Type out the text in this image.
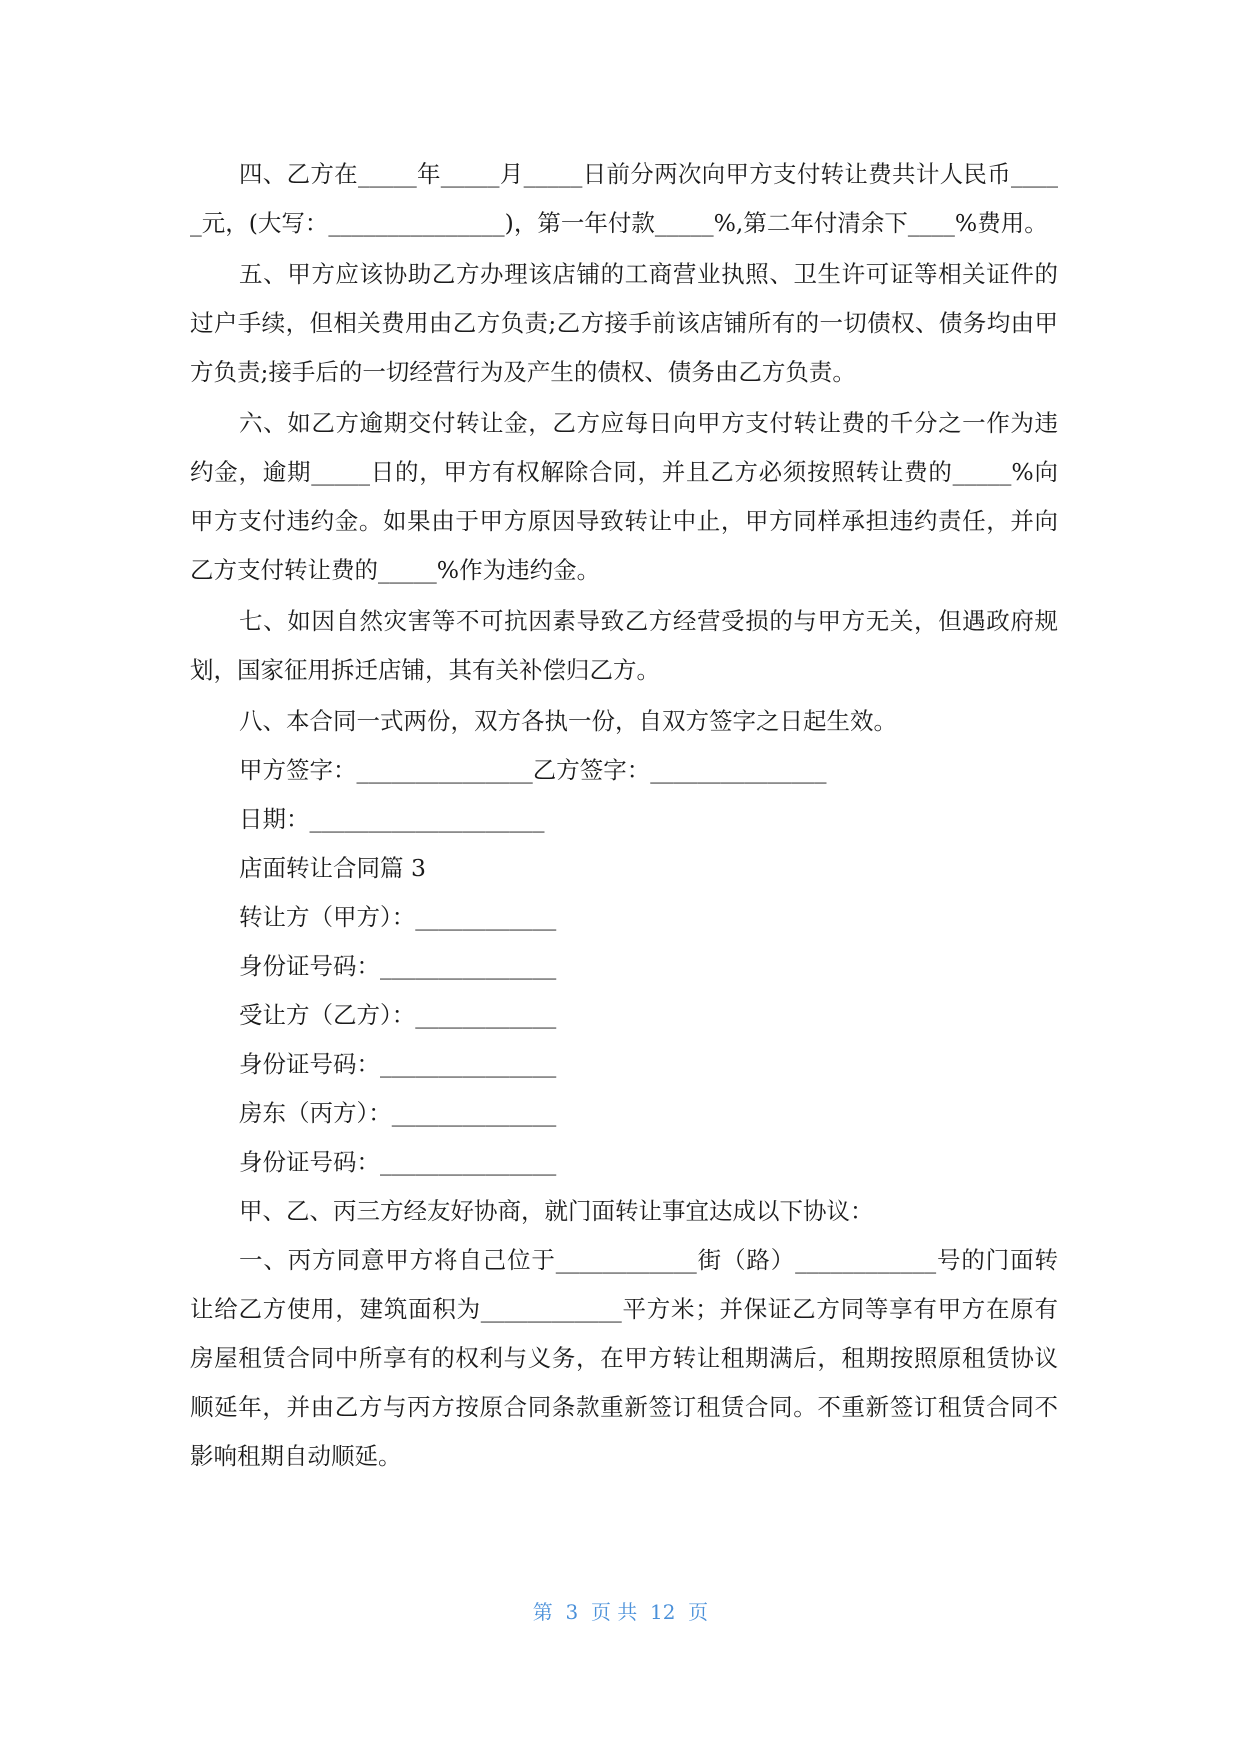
四、乙方在_____年_____月_____日前分两次向甲方支付转让费共计人民币_____元，(大写：_______________)，第一年付款_____%,第二年付清余下____%费用。

五、甲方应该协助乙方办理该店铺的工商营业执照、卫生许可证等相关证件的过户手续，但相关费用由乙方负责;乙方接手前该店铺所有的一切债权、债务均由甲方负责;接手后的一切经营行为及产生的债权、债务由乙方负责。

六、如乙方逾期交付转让金，乙方应每日向甲方支付转让费的千分之一作为违约金，逾期_____日的，甲方有权解除合同，并且乙方必须按照转让费的_____%向甲方支付违约金。如果由于甲方原因导致转让中止，甲方同样承担违约责任，并向乙方支付转让费的_____%作为违约金。

七、如因自然灾害等不可抗因素导致乙方经营受损的与甲方无关，但遇政府规划，国家征用拆迁店铺，其有关补偿归乙方。

八、本合同一式两份，双方各执一份，自双方签字之日起生效。

甲方签字：_______________乙方签字：_______________

日期：____________________

店面转让合同篇 3

转让方（甲方）：____________

身份证号码：_______________

受让方（乙方）：____________

身份证号码：_______________

房东（丙方）：______________

身份证号码：_______________

甲、乙、丙三方经友好协商，就门面转让事宜达成以下协议：

一、丙方同意甲方将自己位于____________街（路）____________号的门面转让给乙方使用，建筑面积为____________平方米；并保证乙方同等享有甲方在原有房屋租赁合同中所享有的权利与义务，在甲方转让租期满后，租期按照原租赁协议顺延年，并由乙方与丙方按原合同条款重新签订租赁合同。不重新签订租赁合同不影响租期自动顺延。

第  3  页 共  12  页
